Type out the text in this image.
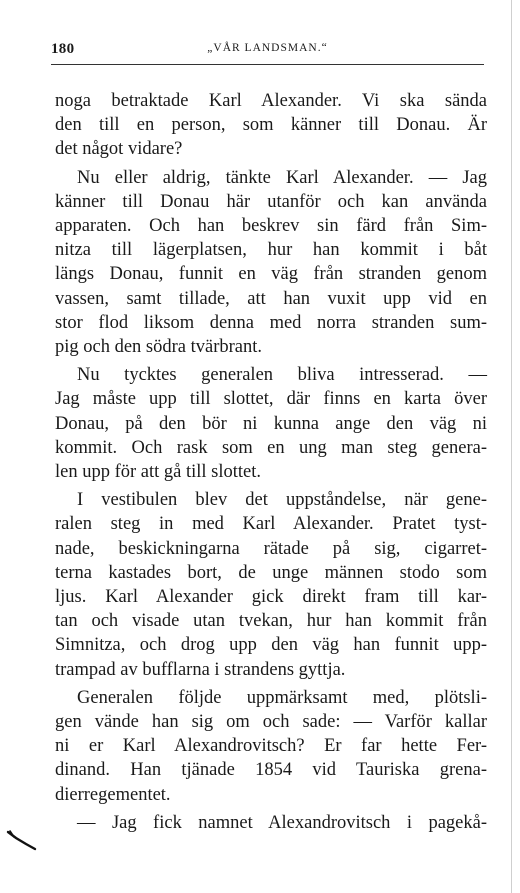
180	„VÅR LANDSMAN.“
noga betraktade Karl Alexander. Vi ska sända
den till en person, som känner till Donau. Är
det något vidare?
Nu eller aldrig, tänkte Karl Alexander. — Jag
känner till Donau här utanför och kan använda
apparaten. Och han beskrev sin färd från Sim-
nitza till lägerplatsen, hur han kommit i båt
längs Donau, funnit en väg från stranden genom
vassen, samt tillade, att han vuxit upp vid en
stor flod liksom denna med norra stranden sum-
pig och den södra tvärbrant.
Nu tycktes generalen bliva intresserad. —
Jag måste upp till slottet, där finns en karta över
Donau, på den bör ni kunna ange den väg ni
kommit. Och rask som en ung man steg genera-
len upp för att gå till slottet.
I vestibulen blev det uppståndelse, när gene-
ralen steg in med Karl Alexander. Pratet tyst-
nade, beskickningarna rätade på sig, cigarret-
terna kastades bort, de unge männen stodo som
ljus. Karl Alexander gick direkt fram till kar-
tan och visade utan tvekan, hur han kommit från
Simnitza, och drog upp den väg han funnit upp-
trampad av bufflarna i strandens gyttja.
Generalen följde uppmärksamt med, plötsli-
gen vände han sig om och sade: — Varför kallar
ni er Karl Alexandrovitsch? Er far hette Fer-
dinand. Han tjänade 1854 vid Tauriska grena-
dierregementet.
— Jag fick namnet Alexandrovitsch i pagekå-
